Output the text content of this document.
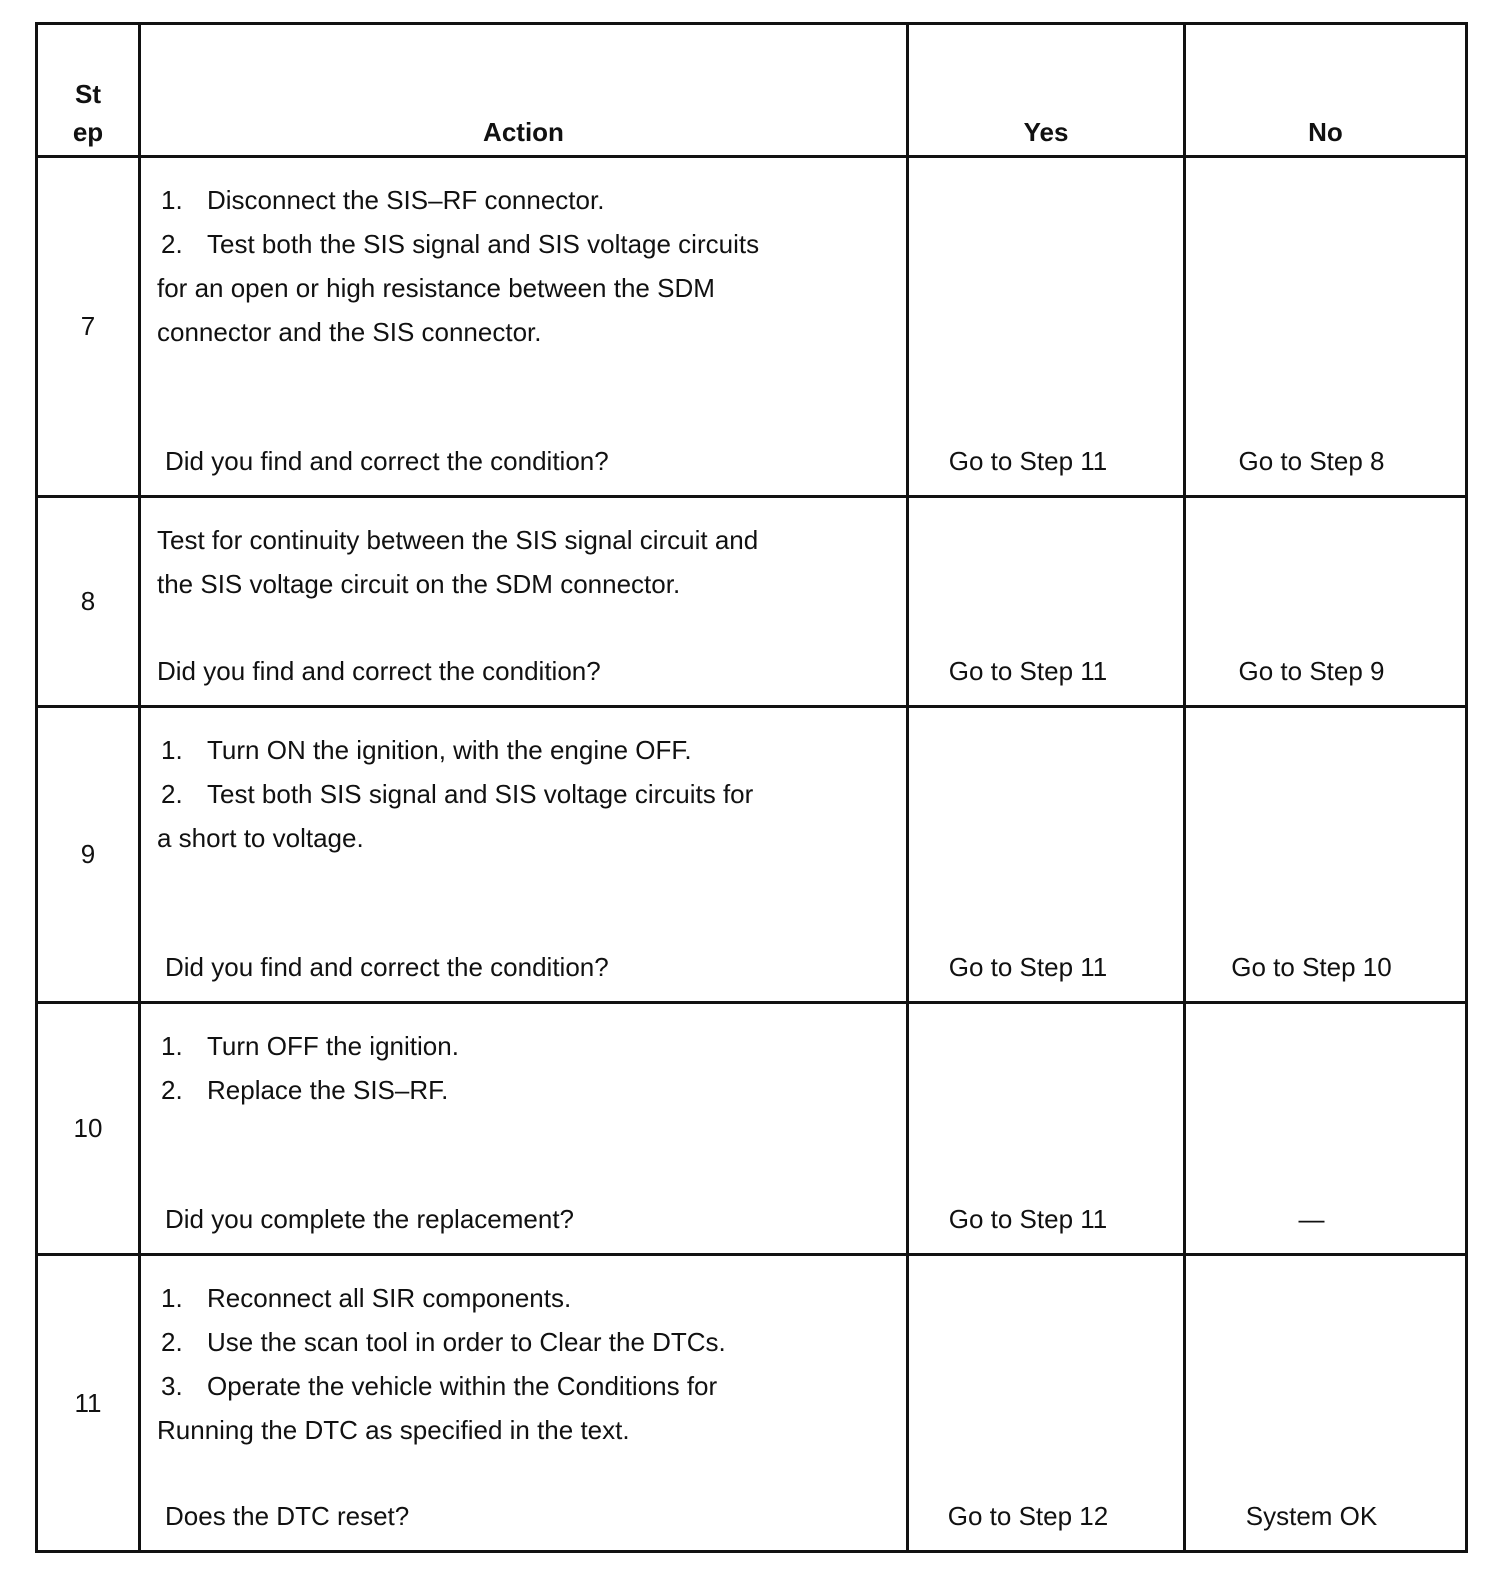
St
ep	Action	Yes	No
7	1. Disconnect the SIS–RF connector.
2. Test both the SIS signal and SIS voltage circuits
for an open or high resistance between the SDM
connector and the SIS connector.
Did you find and correct the condition?	Go to Step 11	Go to Step 8

8	Test for continuity between the SIS signal circuit and
the SIS voltage circuit on the SDM connector.
Did you find and correct the condition?	Go to Step 11	Go to Step 9

9	1. Turn ON the ignition, with the engine OFF.
2. Test both SIS signal and SIS voltage circuits for
a short to voltage.
Did you find and correct the condition?	Go to Step 11	Go to Step 10

10	1. Turn OFF the ignition.
2. Replace the SIS–RF.
Did you complete the replacement?	Go to Step 11	—

11	1. Reconnect all SIR components.
2. Use the scan tool in order to Clear the DTCs.
3. Operate the vehicle within the Conditions for
Running the DTC as specified in the text.
Does the DTC reset?	Go to Step 12	System OK
